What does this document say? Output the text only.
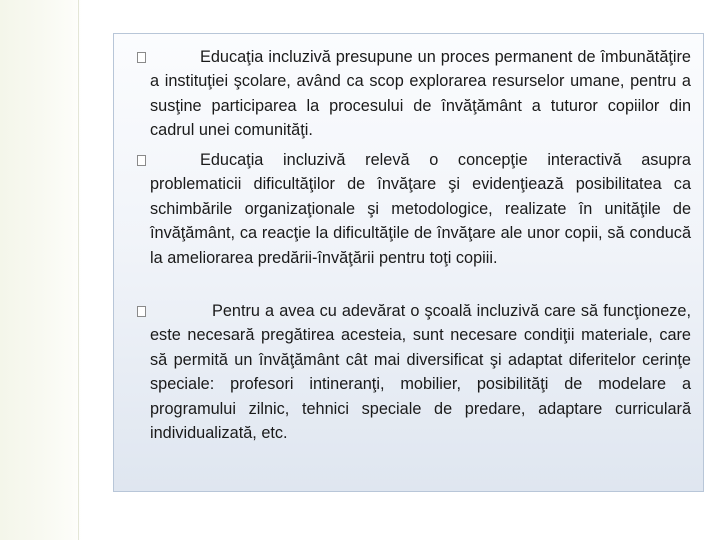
Educaţia incluzivă presupune un proces permanent de îmbunătăţire a instituţiei şcolare, având ca scop explorarea resurselor umane, pentru a susţine participarea la procesului de învăţământ a tuturor copiilor din cadrul unei comunităţi.

Educaţia incluzivă relevă o concepţie interactivă asupra problematicii dificultăţilor de învăţare şi evidenţiează posibilitatea ca schimbările organizaţionale şi metodologice, realizate în unităţile de învăţământ, ca reacţie la dificultăţile de învăţare ale unor copii, să conducă la ameliorarea predării-învăţării pentru toţi copiii.

Pentru a avea cu adevărat o şcoală incluzivă care să funcţioneze, este necesară pregătirea acesteia, sunt necesare condiţii materiale, care să permită un învăţământ cât mai diversificat şi adaptat diferitelor cerinţe speciale: profesori intineranţi, mobilier, posibilităţi de modelare a programului zilnic, tehnici speciale de predare, adaptare curriculară individualizată, etc.
